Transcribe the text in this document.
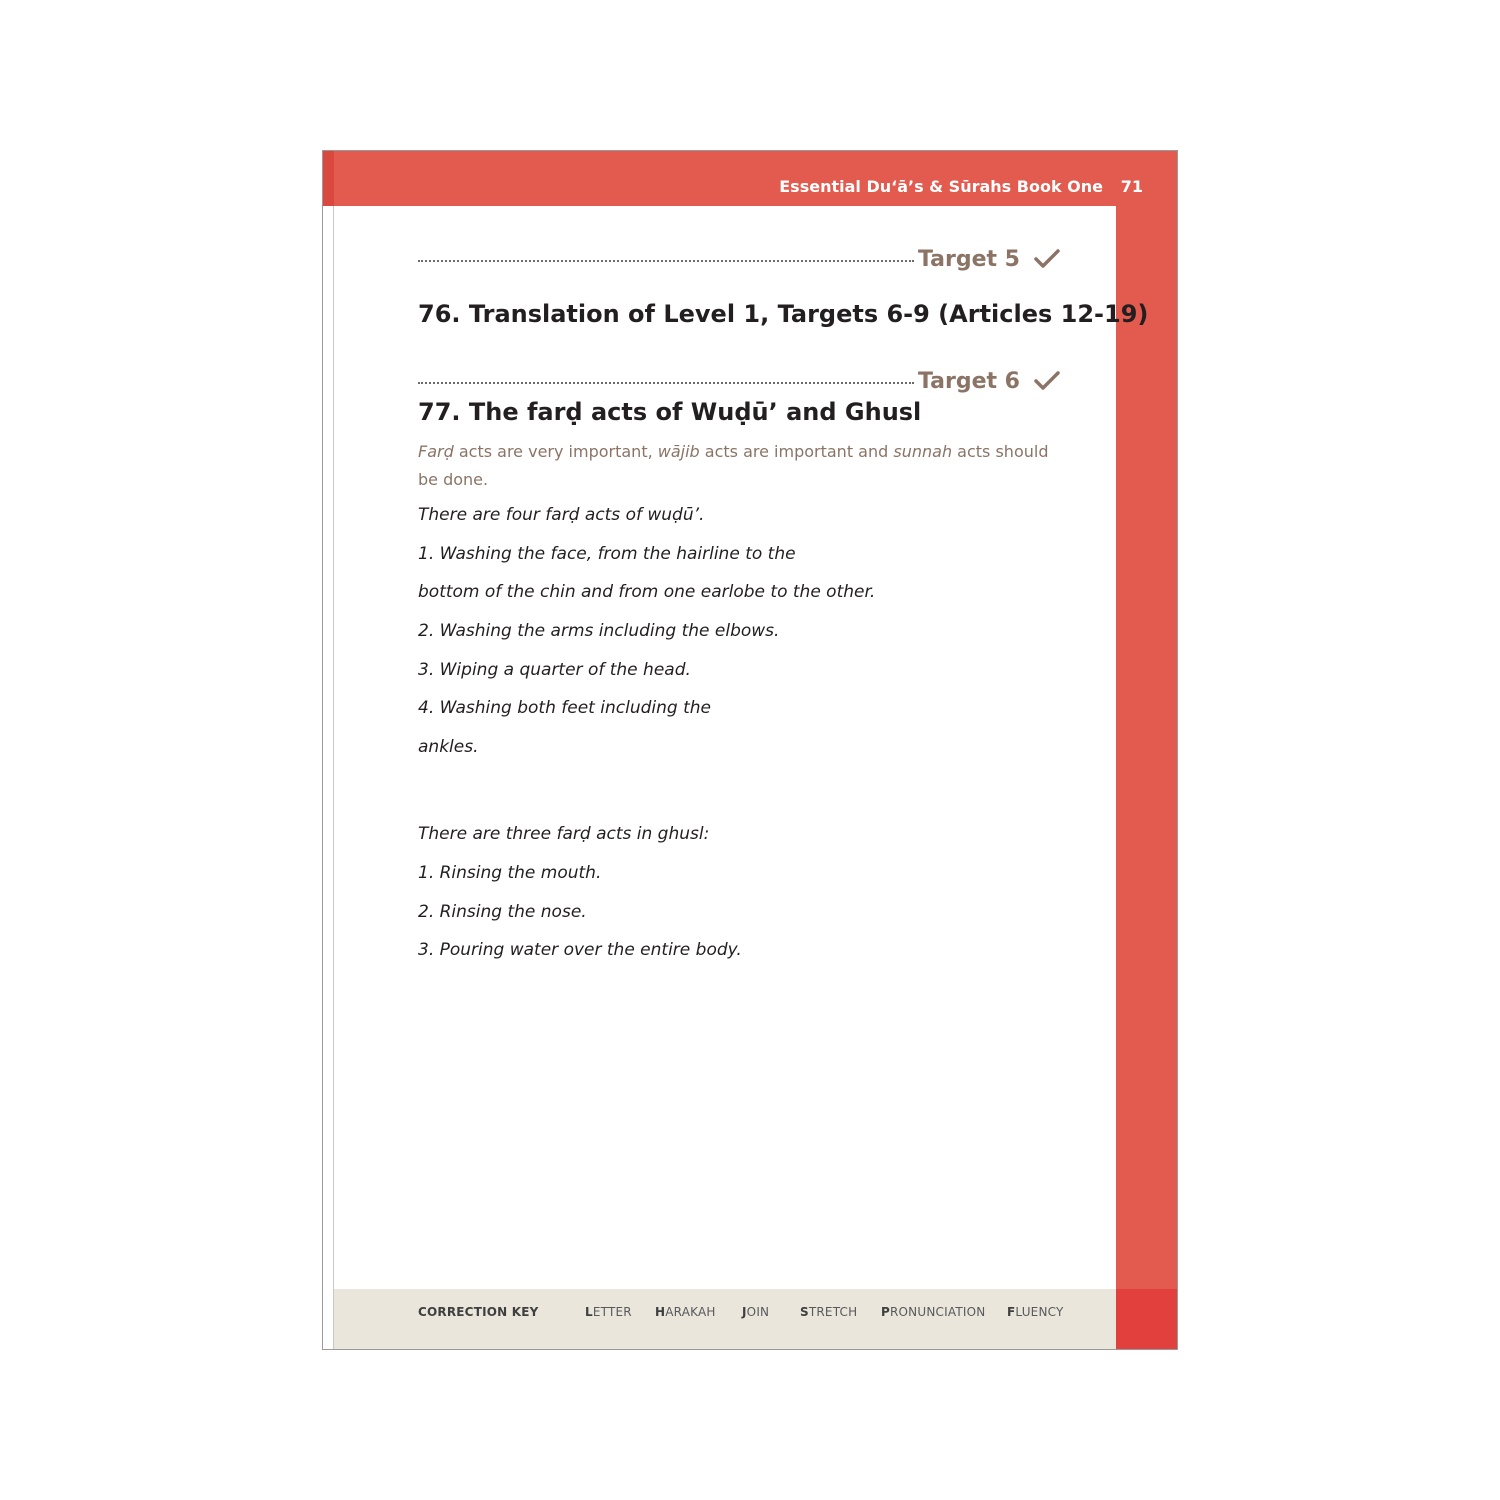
Essential Du‘ā’s & Sūrahs Book One 71
Target 5
76. Translation of Level 1, Targets 6-9 (Articles 12-19)
Target 6
77. The farḍ acts of Wuḍū’ and Ghusl
Farḍ acts are very important, wājib acts are important and sunnah acts should be done.
There are four farḍ acts of wuḍū’.
1. Washing the face, from the hairline to the
bottom of the chin and from one earlobe to the other.
2. Washing the arms including the elbows.
3. Wiping a quarter of the head.
4. Washing both feet including the
ankles.
There are three farḍ acts in ghusl:
1. Rinsing the mouth.
2. Rinsing the nose.
3. Pouring water over the entire body.
CORRECTION KEY	LETTER HARAKAH JOIN	STRETCH PRONUNCIATION FLUENCY
